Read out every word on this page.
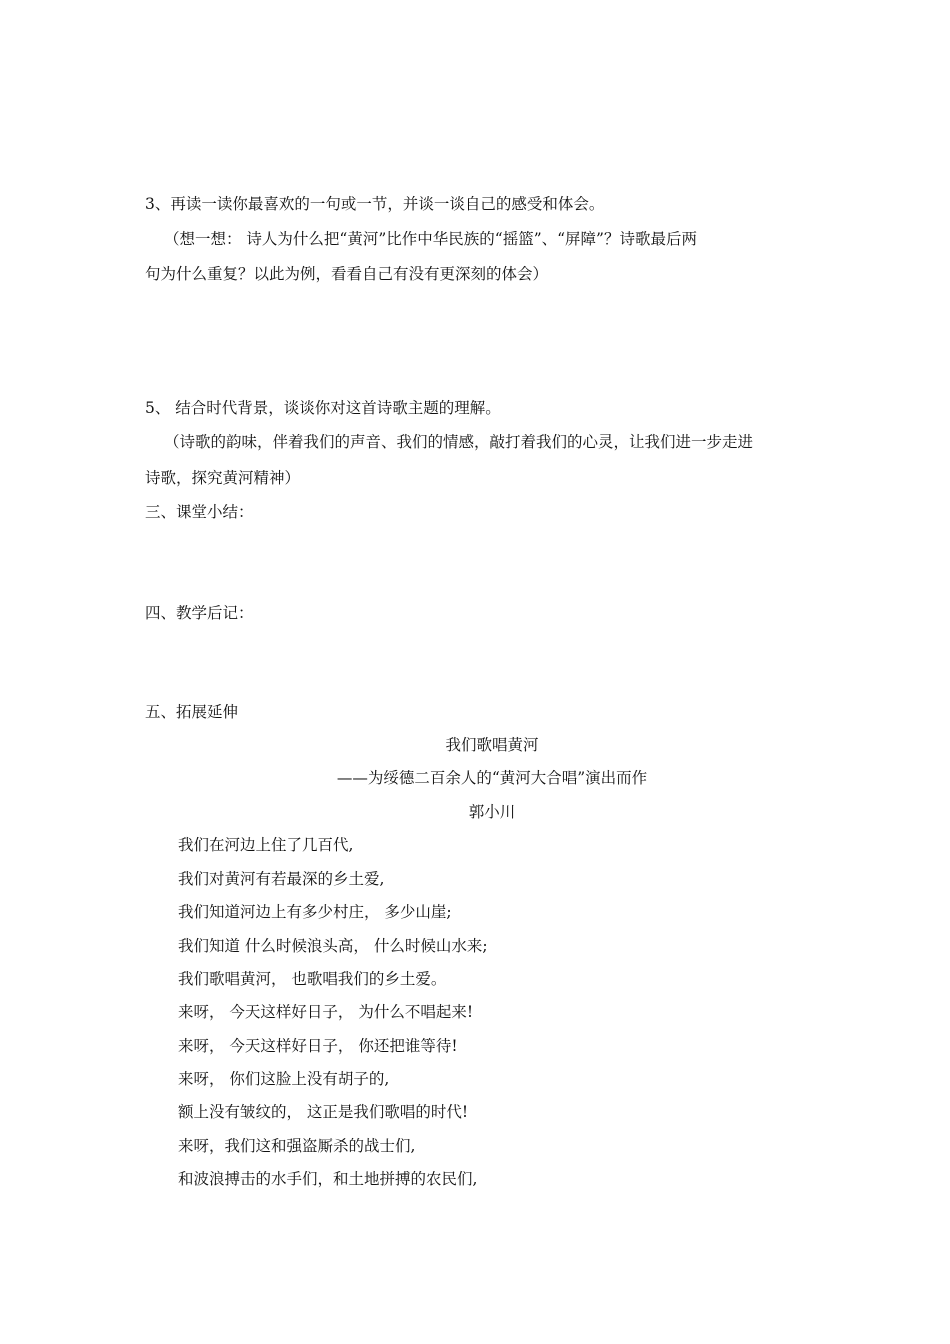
3、再读一读你最喜欢的一句或一节，并谈一谈自己的感受和体会。
（想一想： 诗人为什么把“黄河”比作中华民族的“摇篮”、“屏障”？诗歌最后两
句为什么重复？以此为例，看看自己有没有更深刻的体会）
5、 结合时代背景，谈谈你对这首诗歌主题的理解。
（诗歌的韵味，伴着我们的声音、我们的情感，敲打着我们的心灵，让我们进一步走进
诗歌，探究黄河精神）
三、课堂小结：
四、教学后记：
五、拓展延伸
我们歌唱黄河
——为绥德二百余人的“黄河大合唱”演出而作
郭小川
我们在河边上住了几百代,
我们对黄河有若最深的乡土爱,
我们知道河边上有多少村庄， 多少山崖;
我们知道 什么时候浪头高， 什么时候山水来;
我们歌唱黄河， 也歌唱我们的乡土爱。
来呀， 今天这样好日子， 为什么不唱起来!
来呀， 今天这样好日子， 你还把谁等待!
来呀， 你们这脸上没有胡子的,
额上没有皱纹的， 这正是我们歌唱的时代!
来呀，我们这和强盗厮杀的战士们,
和波浪搏击的水手们，和土地拼搏的农民们,
